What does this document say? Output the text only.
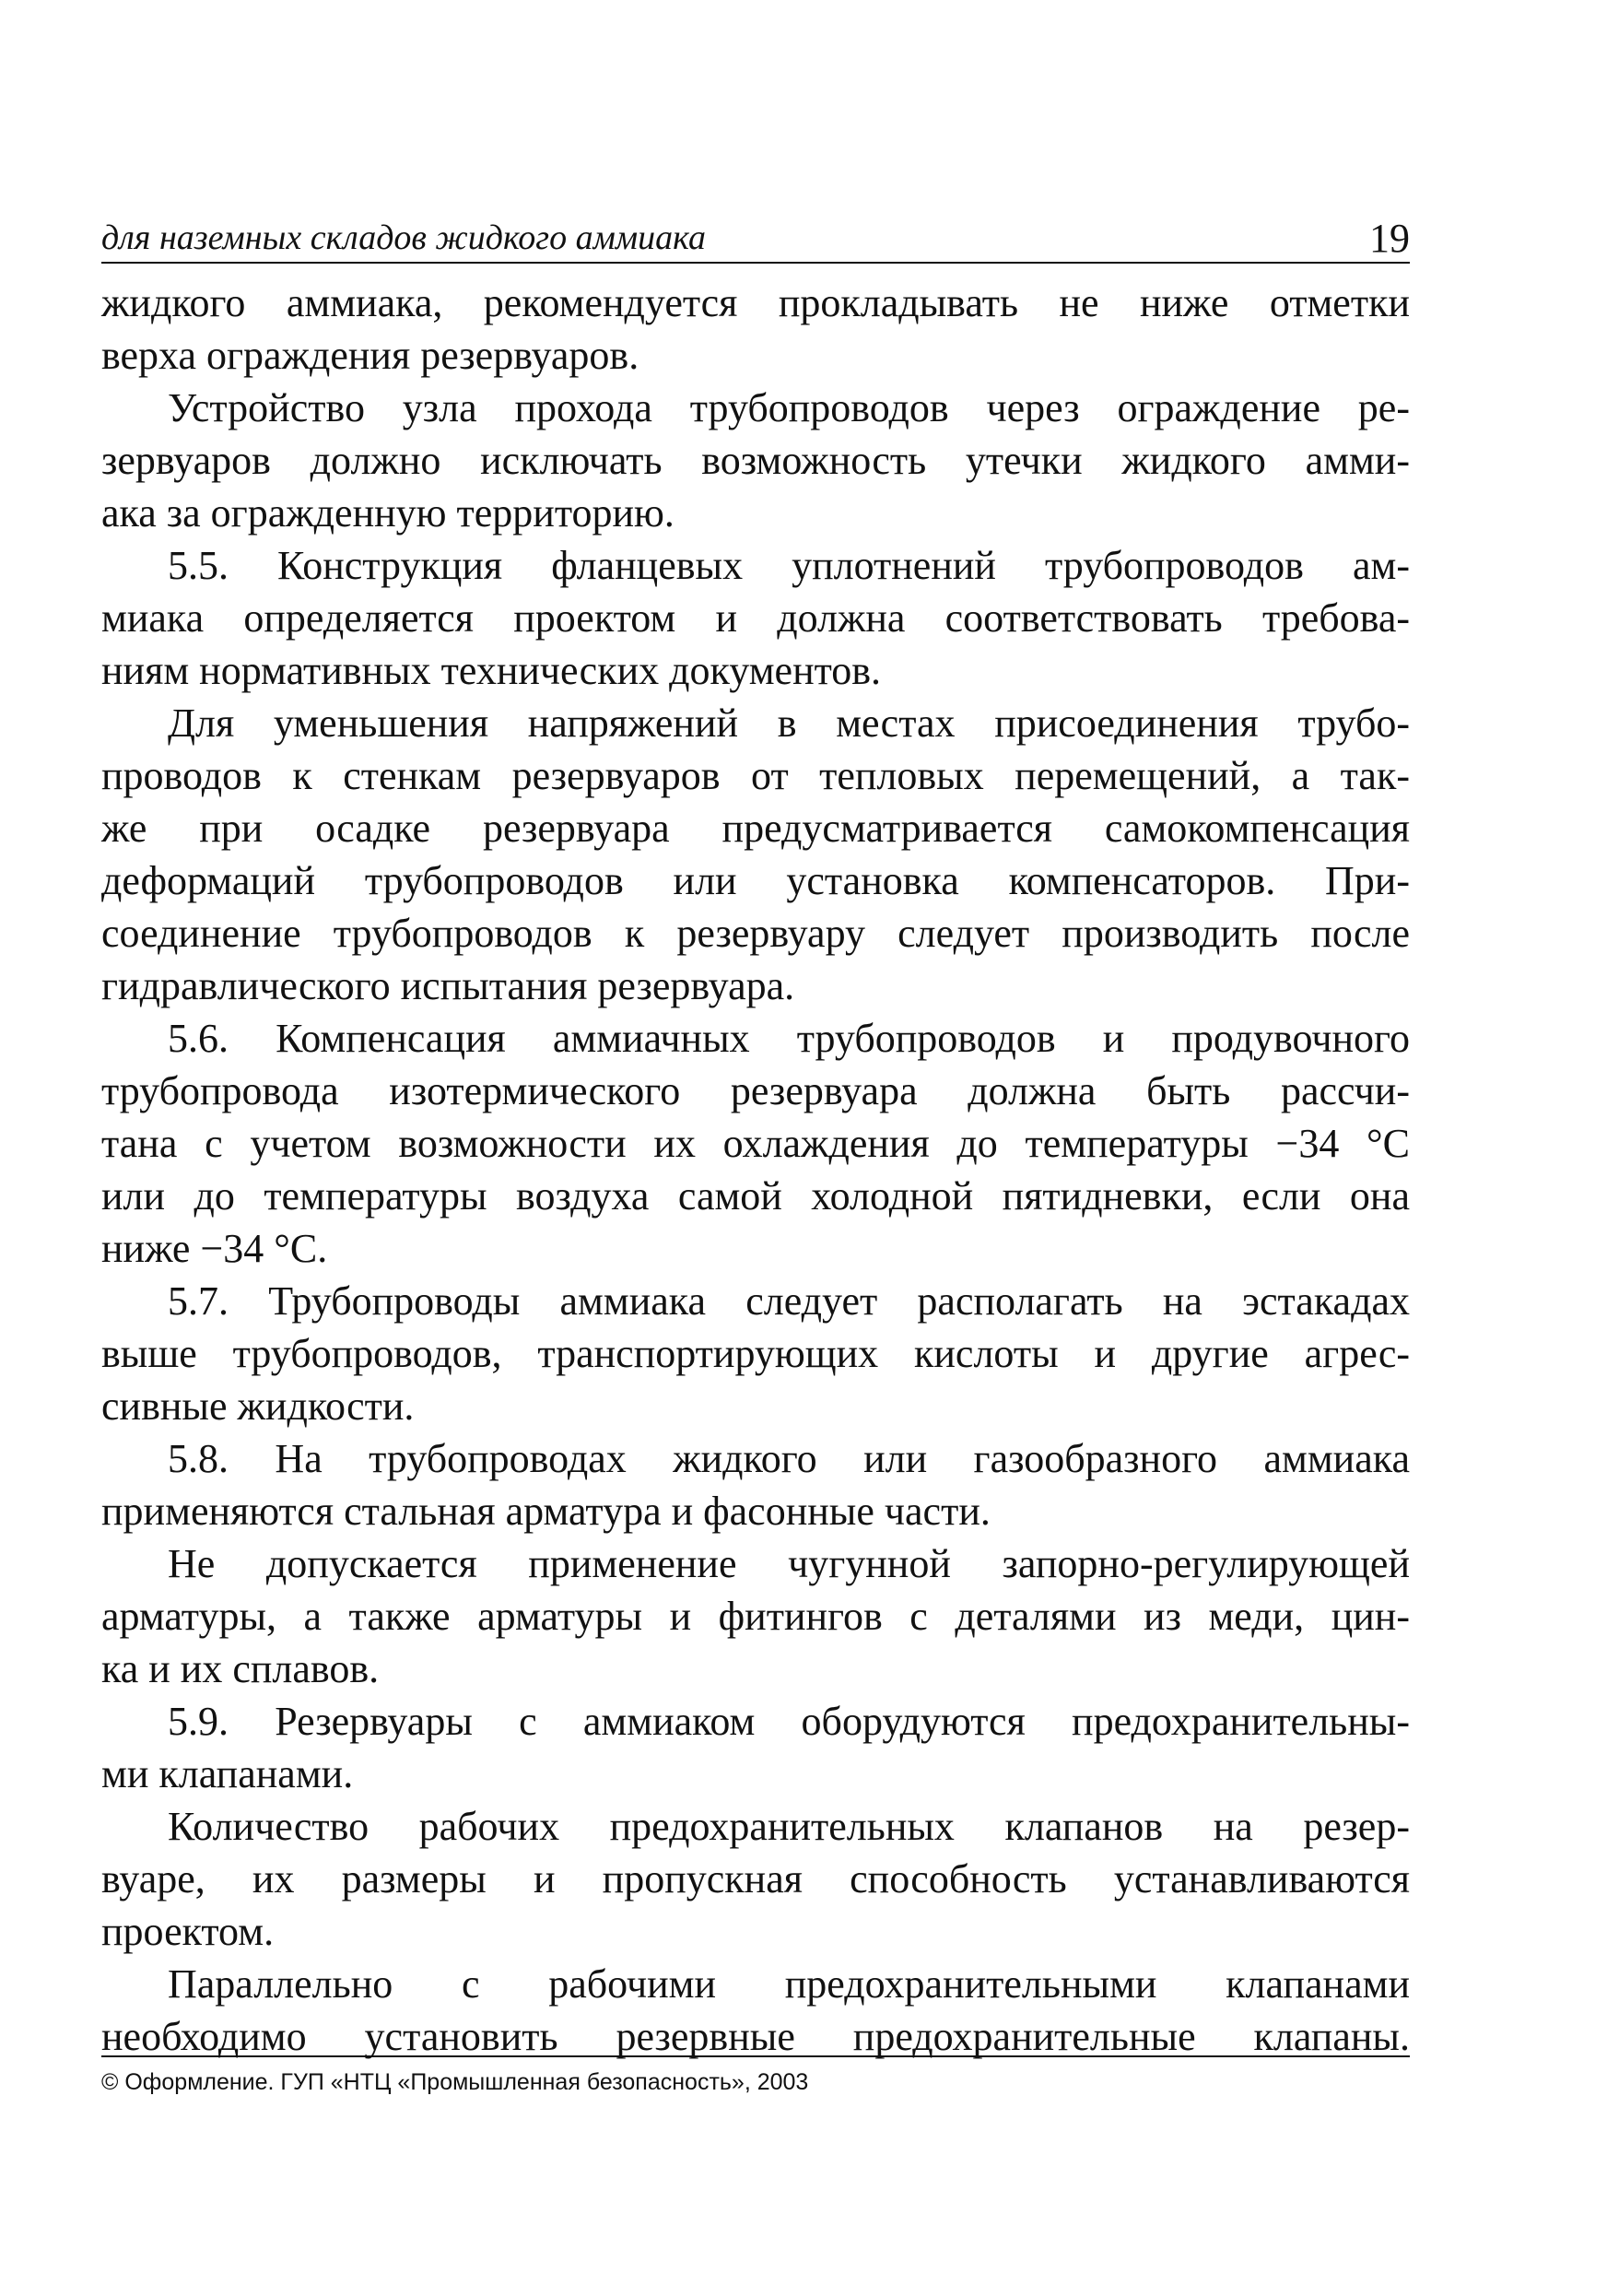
для наземных складов жидкого аммиака	19

жидкого аммиака, рекомендуется прокладывать не ниже отметки
верха ограждения резервуаров.

Устройство узла прохода трубопроводов через ограждение ре-
зервуаров должно исключать возможность утечки жидкого амми-
ака за огражденную территорию.

5.5. Конструкция фланцевых уплотнений трубопроводов ам-
миака определяется проектом и должна соответствовать требова-
ниям нормативных технических документов.

Для уменьшения напряжений в местах присоединения трубо-
проводов к стенкам резервуаров от тепловых перемещений, а так-
же при осадке резервуара предусматривается самокомпенсация
деформаций трубопроводов или установка компенсаторов. При-
соединение трубопроводов к резервуару следует производить после
гидравлического испытания резервуара.

5.6. Компенсация аммиачных трубопроводов и продувочного
трубопровода изотермического резервуара должна быть рассчи-
тана с учетом возможности их охлаждения до температуры −34 °С
или до температуры воздуха самой холодной пятидневки, если она
ниже −34 °С.

5.7. Трубопроводы аммиака следует располагать на эстакадах
выше трубопроводов, транспортирующих кислоты и другие агрес-
сивные жидкости.

5.8. На трубопроводах жидкого или газообразного аммиака
применяются стальная арматура и фасонные части.

Не допускается применение чугунной запорно-регулирующей
арматуры, а также арматуры и фитингов с деталями из меди, цин-
ка и их сплавов.

5.9. Резервуары с аммиаком оборудуются предохранительны-
ми клапанами.

Количество рабочих предохранительных клапанов на резер-
вуаре, их размеры и пропускная способность устанавливаются
проектом.

Параллельно с рабочими предохранительными клапанами
необходимо установить резервные предохранительные клапаны.

© Оформление. ГУП «НТЦ «Промышленная безопасность», 2003
